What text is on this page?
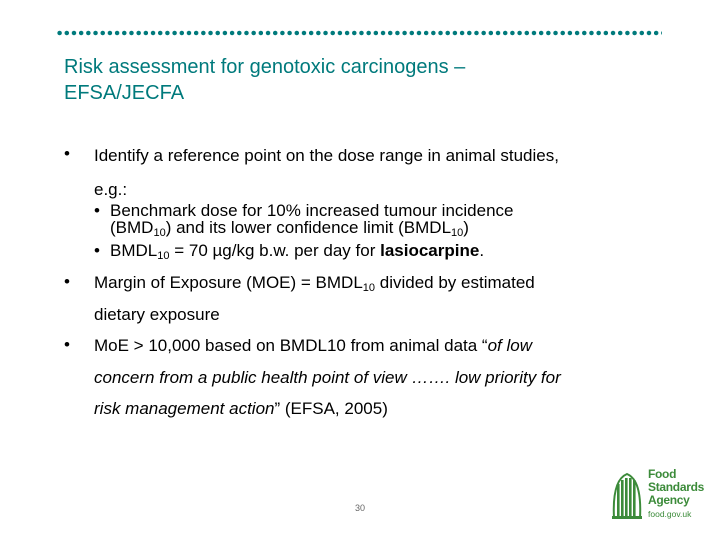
Risk assessment for genotoxic carcinogens –
EFSA/JECFA
• Identify a reference point on the dose range in animal studies,
e.g.:
• Benchmark dose for 10% increased tumour incidence
$(BMD_{10})$ and its lower confidence limit $(BMDL_{10})$
• $BMDL_{10} = 70$ µg/kg b.w. per day for lasiocarpine.
• Margin of Exposure $(MOE) = BMDL_{10}$ divided by estimated
dietary exposure
• MoE > 10,000 based on BMDL10 from animal data “of low
concern from a public health point of view ……. low priority for
risk management action” (EFSA, 2005)
30
Food
Standards
Agency
food.gov.uk
